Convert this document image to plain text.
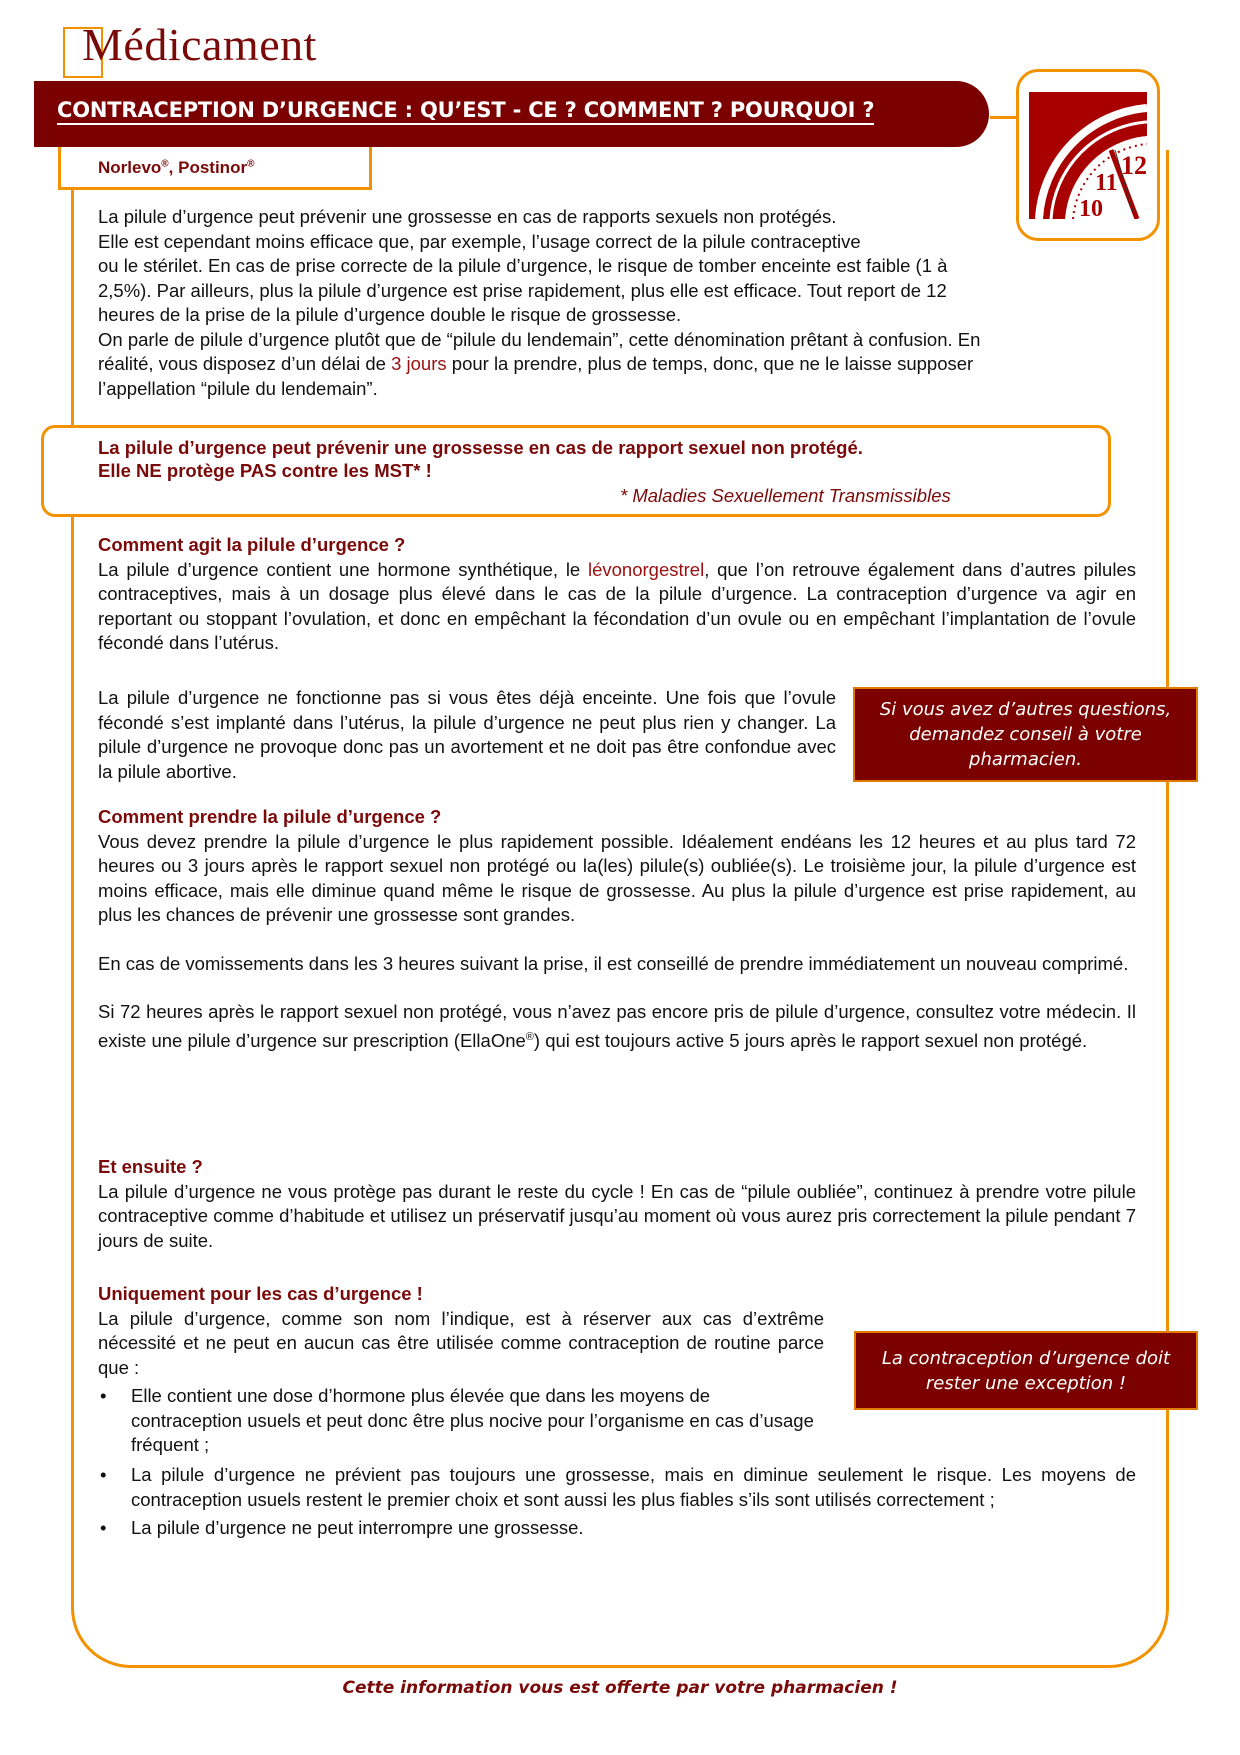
Médicament
CONTRACEPTION D’URGENCE : QU’EST - CE ? COMMENT ? POURQUOI ?
Norlevo®, Postinor®	12
11
10
La pilule d’urgence peut prévenir une grossesse en cas de rapports sexuels non protégés.
Elle est cependant moins efficace que, par exemple, l’usage correct de la pilule contraceptive
ou le stérilet. En cas de prise correcte de la pilule d’urgence, le risque de tomber enceinte est faible (1 à
2,5%). Par ailleurs, plus la pilule d’urgence est prise rapidement, plus elle est efficace. Tout report de 12
heures de la prise de la pilule d’urgence double le risque de grossesse.
On parle de pilule d’urgence plutôt que de “pilule du lendemain”, cette dénomination prêtant à confusion. En
réalité, vous disposez d’un délai de 3 jours pour la prendre, plus de temps, donc, que ne le laisse supposer
l’appellation “pilule du lendemain”.
La pilule d’urgence peut prévenir une grossesse en cas de rapport sexuel non protégé.
Elle NE protège PAS contre les MST* !
* Maladies Sexuellement Transmissibles
Comment agit la pilule d’urgence ?
La pilule d’urgence contient une hormone synthétique, le lévonorgestrel, que l’on retrouve également dans d’autres pilules contraceptives, mais à un dosage plus élevé dans le cas de la pilule d’urgence. La contraception d’urgence va agir en reportant ou stoppant l’ovulation, et donc en empêchant la fécondation d’un ovule ou en empêchant l’implantation de l’ovule fécondé dans l’utérus.
La pilule d’urgence ne fonctionne pas si vous êtes déjà enceinte. Une fois que l’ovule fécondé s’est implanté dans l’utérus, la pilule d’urgence ne peut plus rien y changer. La pilule d’urgence ne provoque donc pas un avortement et ne doit pas être confondue avec la pilule abortive.
Si vous avez d’autres questions, demandez conseil à votre pharmacien.
Comment prendre la pilule d’urgence ?
Vous devez prendre la pilule d’urgence le plus rapidement possible. Idéalement endéans les 12 heures et au plus tard 72 heures ou 3 jours après le rapport sexuel non protégé ou la(les) pilule(s) oubliée(s). Le troisième jour, la pilule d’urgence est moins efficace, mais elle diminue quand même le risque de grossesse. Au plus la pilule d’urgence est prise rapidement, au plus les chances de prévenir une grossesse sont grandes.
En cas de vomissements dans les 3 heures suivant la prise, il est conseillé de prendre immédiatement un nouveau comprimé.
Si 72 heures après le rapport sexuel non protégé, vous n’avez pas encore pris de pilule d’urgence, consultez votre médecin. Il existe une pilule d’urgence sur prescription (EllaOne®) qui est toujours active 5 jours après le rapport sexuel non protégé.
Et ensuite ?
La pilule d’urgence ne vous protège pas durant le reste du cycle ! En cas de “pilule oubliée”, continuez à prendre votre pilule contraceptive comme d’habitude et utilisez un préservatif jusqu’au moment où vous aurez pris correctement la pilule pendant 7 jours de suite.
Uniquement pour les cas d’urgence !
La pilule d’urgence, comme son nom l’indique, est à réserver aux cas d’extrême nécessité et ne peut en aucun cas être utilisée comme contraception de routine parce que :
• Elle contient une dose d’hormone plus élevée que dans les moyens de contraception usuels et peut donc être plus nocive pour l’organisme en cas d’usage fréquent ;
• La pilule d’urgence ne prévient pas toujours une grossesse, mais en diminue seulement le risque. Les moyens de contraception usuels restent le premier choix et sont aussi les plus fiables s’ils sont utilisés correctement ;
• La pilule d’urgence ne peut interrompre une grossesse.
La contraception d’urgence doit rester une exception !
Cette information vous est offerte par votre pharmacien !
